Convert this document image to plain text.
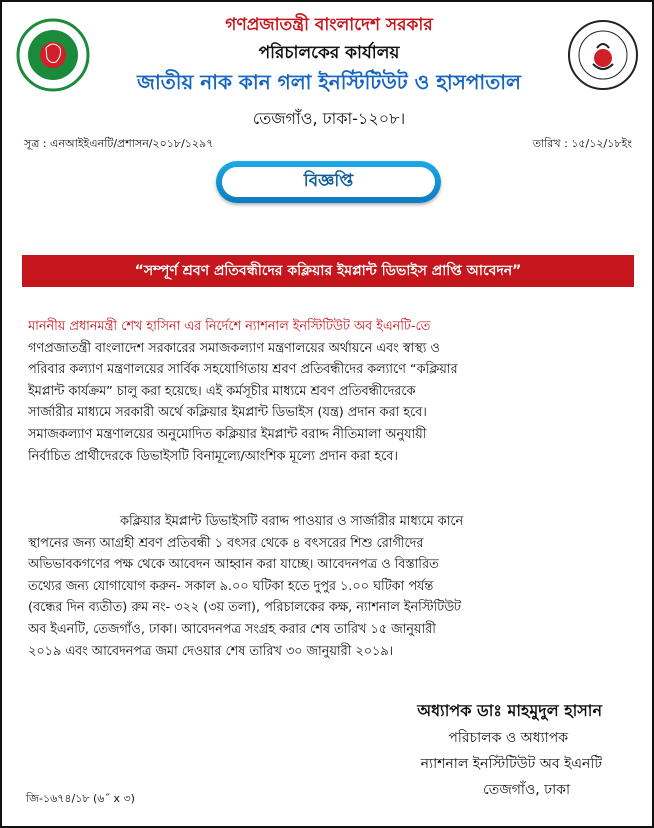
গণপ্রজাতন্ত্রী বাংলাদেশ সরকার
পরিচালকের কার্যালয়
জাতীয় নাক কান গলা ইনস্টিটিউট ও হাসপাতাল
তেজগাঁও, ঢাকা-১২০৮।
সূত্র : এনআইইএনটি/প্রশাসন/২০১৮/১২৯৭	তারিখ : ১৫/১২/১৮ইং
বিজ্ঞপ্তি
“সম্পূর্ণ শ্রবণ প্রতিবন্ধীদের কক্লিয়ার ইমপ্লান্ট ডিভাইস প্রাপ্তি আবেদন”
মাননীয় প্রধানমন্ত্রী শেখ হাসিনা এর নির্দেশে ন্যাশনাল ইনস্টিটিউট অব ইএনটি-তে
গণপ্রজাতন্ত্রী বাংলাদেশ সরকারের সমাজকল্যাণ মন্ত্রণালয়ের অর্থায়নে এবং স্বাস্থ্য ও
পরিবার কল্যাণ মন্ত্রণালয়ের সার্বিক সহযোগিতায় শ্রবণ প্রতিবন্ধীদের কল্যাণে “কক্লিয়ার
ইমপ্লান্ট কার্যক্রম” চালু করা হয়েছে। এই কর্মসূচীর মাধ্যমে শ্রবণ প্রতিবন্ধীদেরকে
সার্জারীর মাধ্যমে সরকারী অর্থে কক্লিয়ার ইমপ্লান্ট ডিভাইস (যন্ত্র) প্রদান করা হবে।
সমাজকল্যাণ মন্ত্রণালয়ের অনুমোদিত কক্লিয়ার ইমপ্লান্ট বরাদ্দ নীতিমালা অনুযায়ী
নির্বাচিত প্রার্থীদেরকে ডিভাইসটি বিনামূল্যে/আংশিক মূল্যে প্রদান করা হবে।
কক্লিয়ার ইমপ্লান্ট ডিভাইসটি বরাদ্দ পাওয়ার ও সার্জারীর মাধ্যমে কানে
স্থাপনের জন্য আগ্রহী শ্রবণ প্রতিবন্ধী ১ বৎসর থেকে ৪ বৎসরের শিশু রোগীদের
অভিভাবকগণের পক্ষ থেকে আবেদন আহ্বান করা যাচ্ছে। আবেদনপত্র ও বিস্তারিত
তথ্যের জন্য যোগাযোগ করুন- সকাল ৯.০০ ঘটিকা হতে দুপুর ১.০০ ঘটিকা পর্যন্ত
(বন্ধের দিন ব্যতীত) রুম নং- ৩২২ (৩য় তলা), পরিচালকের কক্ষ, ন্যাশনাল ইনস্টিটিউট
অব ইএনটি, তেজগাঁও, ঢাকা। আবেদনপত্র সংগ্রহ করার শেষ তারিখ ১৫ জানুয়ারী
২০১৯ এবং আবেদনপত্র জমা দেওয়ার শেষ তারিখ ৩০ জানুয়ারী ২০১৯।
অধ্যাপক ডাঃ মাহমুদুল হাসান
পরিচালক ও অধ্যাপক
ন্যাশনাল ইনস্টিটিউট অব ইএনটি
তেজগাঁও, ঢাকা
জি-১৬৭৪/১৮ (৬˝ x ৩)
